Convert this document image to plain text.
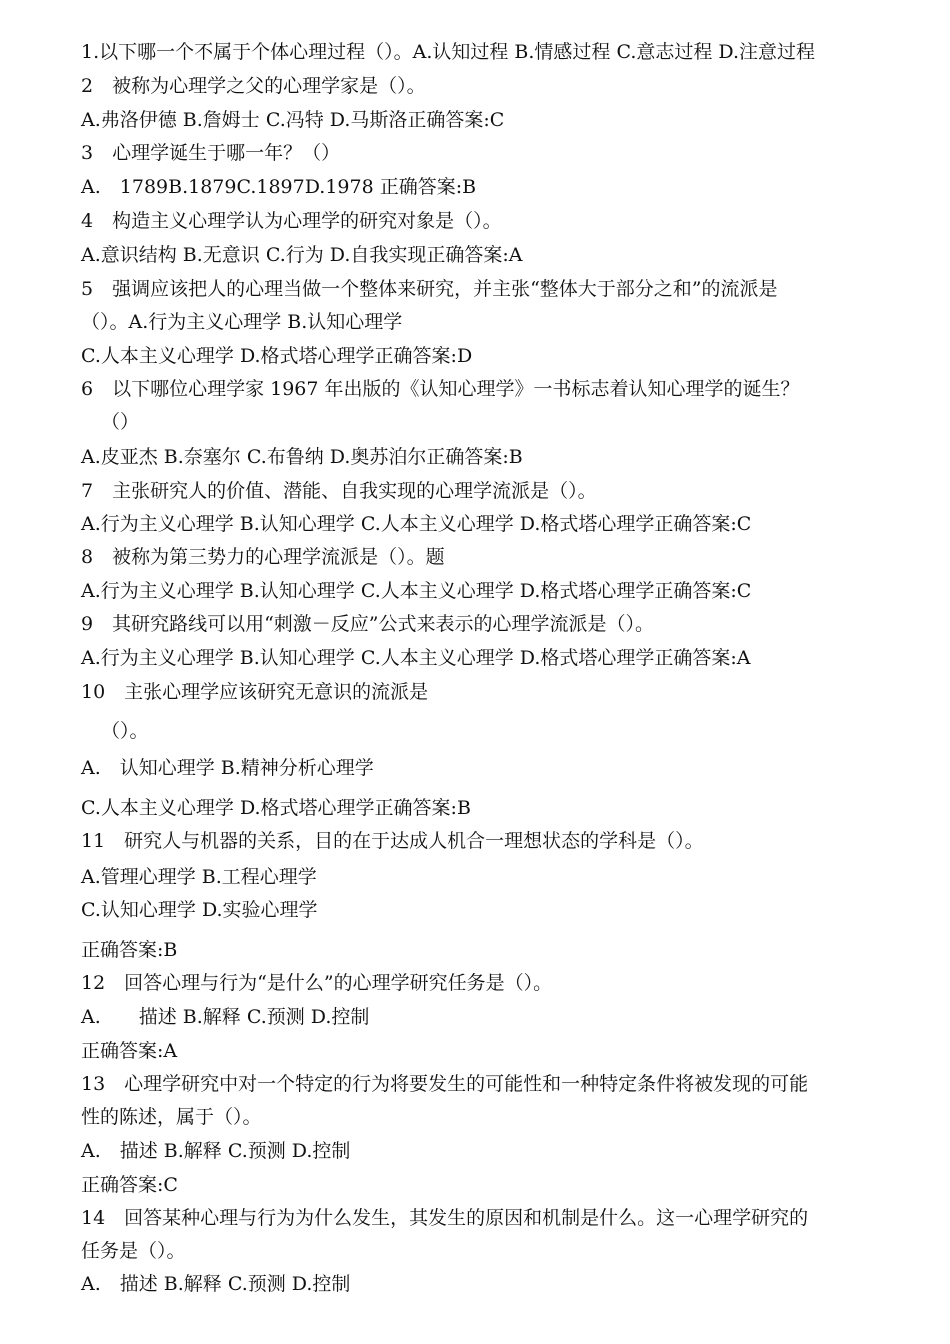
1.以下哪一个不属于个体心理过程（）。A.认知过程 B.情感过程 C.意志过程 D.注意过程
2　被称为心理学之父的心理学家是（）。
A.弗洛伊德 B.詹姆士 C.冯特 D.马斯洛正确答案:C
3　心理学诞生于哪一年？（）
A.　1789B.1879C.1897D.1978 正确答案:B
4　构造主义心理学认为心理学的研究对象是（）。
A.意识结构 B.无意识 C.行为 D.自我实现正确答案:A
5　强调应该把人的心理当做一个整体来研究，并主张“整体大于部分之和”的流派是
（）。A.行为主义心理学 B.认知心理学
C.人本主义心理学 D.格式塔心理学正确答案:D
6　以下哪位心理学家 1967 年出版的《认知心理学》一书标志着认知心理学的诞生？
（）
A.皮亚杰 B.奈塞尔 C.布鲁纳 D.奥苏泊尔正确答案:B
7　主张研究人的价值、潜能、自我实现的心理学流派是（）。
A.行为主义心理学 B.认知心理学 C.人本主义心理学 D.格式塔心理学正确答案:C
8　被称为第三势力的心理学流派是（）。题
A.行为主义心理学 B.认知心理学 C.人本主义心理学 D.格式塔心理学正确答案:C
9　其研究路线可以用“刺激－反应”公式来表示的心理学流派是（）。
A.行为主义心理学 B.认知心理学 C.人本主义心理学 D.格式塔心理学正确答案:A
10　主张心理学应该研究无意识的流派是
（）。
A.　认知心理学 B.精神分析心理学
C.人本主义心理学 D.格式塔心理学正确答案:B
11　研究人与机器的关系，目的在于达成人机合一理想状态的学科是（）。
A.管理心理学 B.工程心理学
C.认知心理学 D.实验心理学
正确答案:B
12　回答心理与行为“是什么”的心理学研究任务是（）。
A.　　描述 B.解释 C.预测 D.控制
正确答案:A
13　心理学研究中对一个特定的行为将要发生的可能性和一种特定条件将被发现的可能
性的陈述，属于（）。
A.　描述 B.解释 C.预测 D.控制
正确答案:C
14　回答某种心理与行为为什么发生，其发生的原因和机制是什么。这一心理学研究的
任务是（）。
A.　描述 B.解释 C.预测 D.控制
